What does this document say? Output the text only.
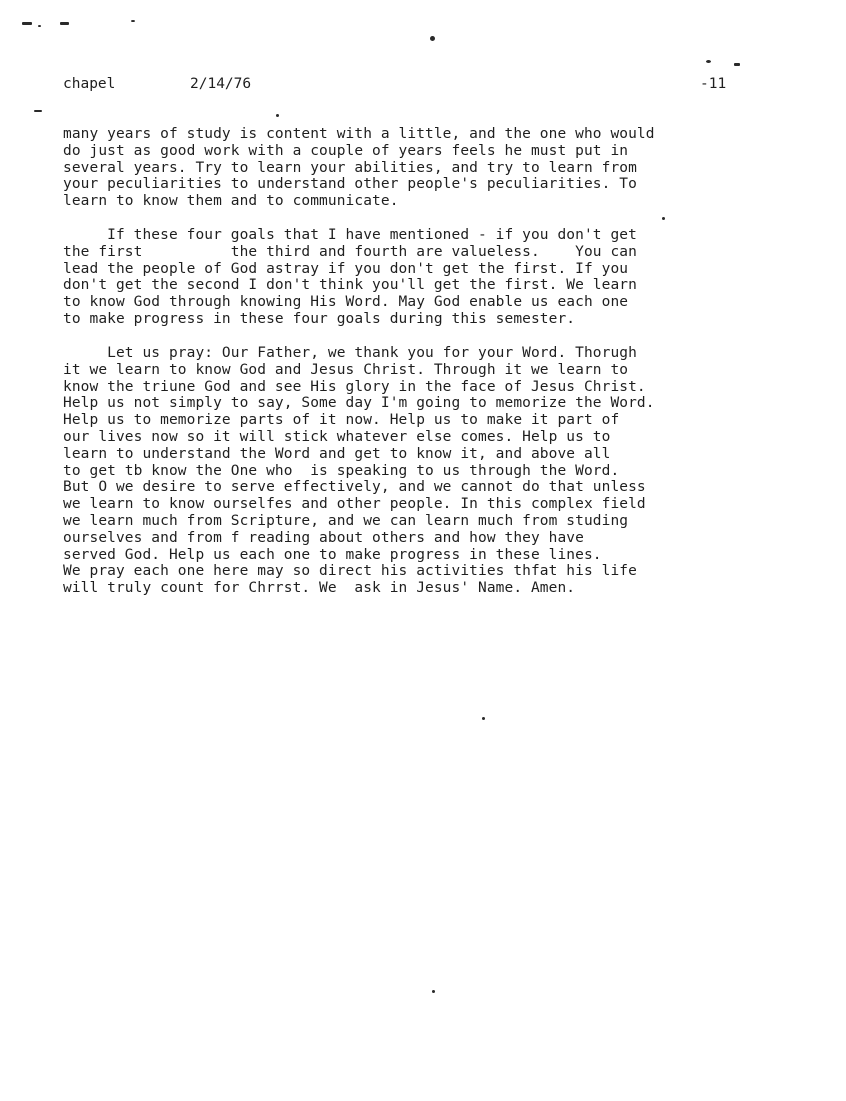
chapel	2/14/76	-11
many years of study is content with a little, and the one who would
do just as good work with a couple of years feels he must put in
several years. Try to learn your abilities, and try to learn from
your peculiarities to understand other people's peculiarities. To
learn to know them and to communicate.
If these four goals that I have mentioned - if you don't get
the first          the third and fourth are valueless.    You can
lead the people of God astray if you don't get the first. If you
don't get the second I don't think you'll get the first. We learn
to know God through knowing His Word. May God enable us each one
to make progress in these four goals during this semester.
Let us pray: Our Father, we thank you for your Word. Thorugh
it we learn to know God and Jesus Christ. Through it we learn to
know the triune God and see His glory in the face of Jesus Christ.
Help us not simply to say, Some day I'm going to memorize the Word.
Help us to memorize parts of it now. Help us to make it part of
our lives now so it will stick whatever else comes. Help us to
learn to understand the Word and get to know it, and above all
to get tb know the One who  is speaking to us through the Word.
But O we desire to serve effectively, and we cannot do that unless
we learn to know ourselfes and other people. In this complex field
we learn much from Scripture, and we can learn much from studing
ourselves and from f reading about others and how they have
served God. Help us each one to make progress in these lines.
We pray each one here may so direct his activities thfat his life
will truly count for Chrrst. We  ask in Jesus' Name. Amen.
